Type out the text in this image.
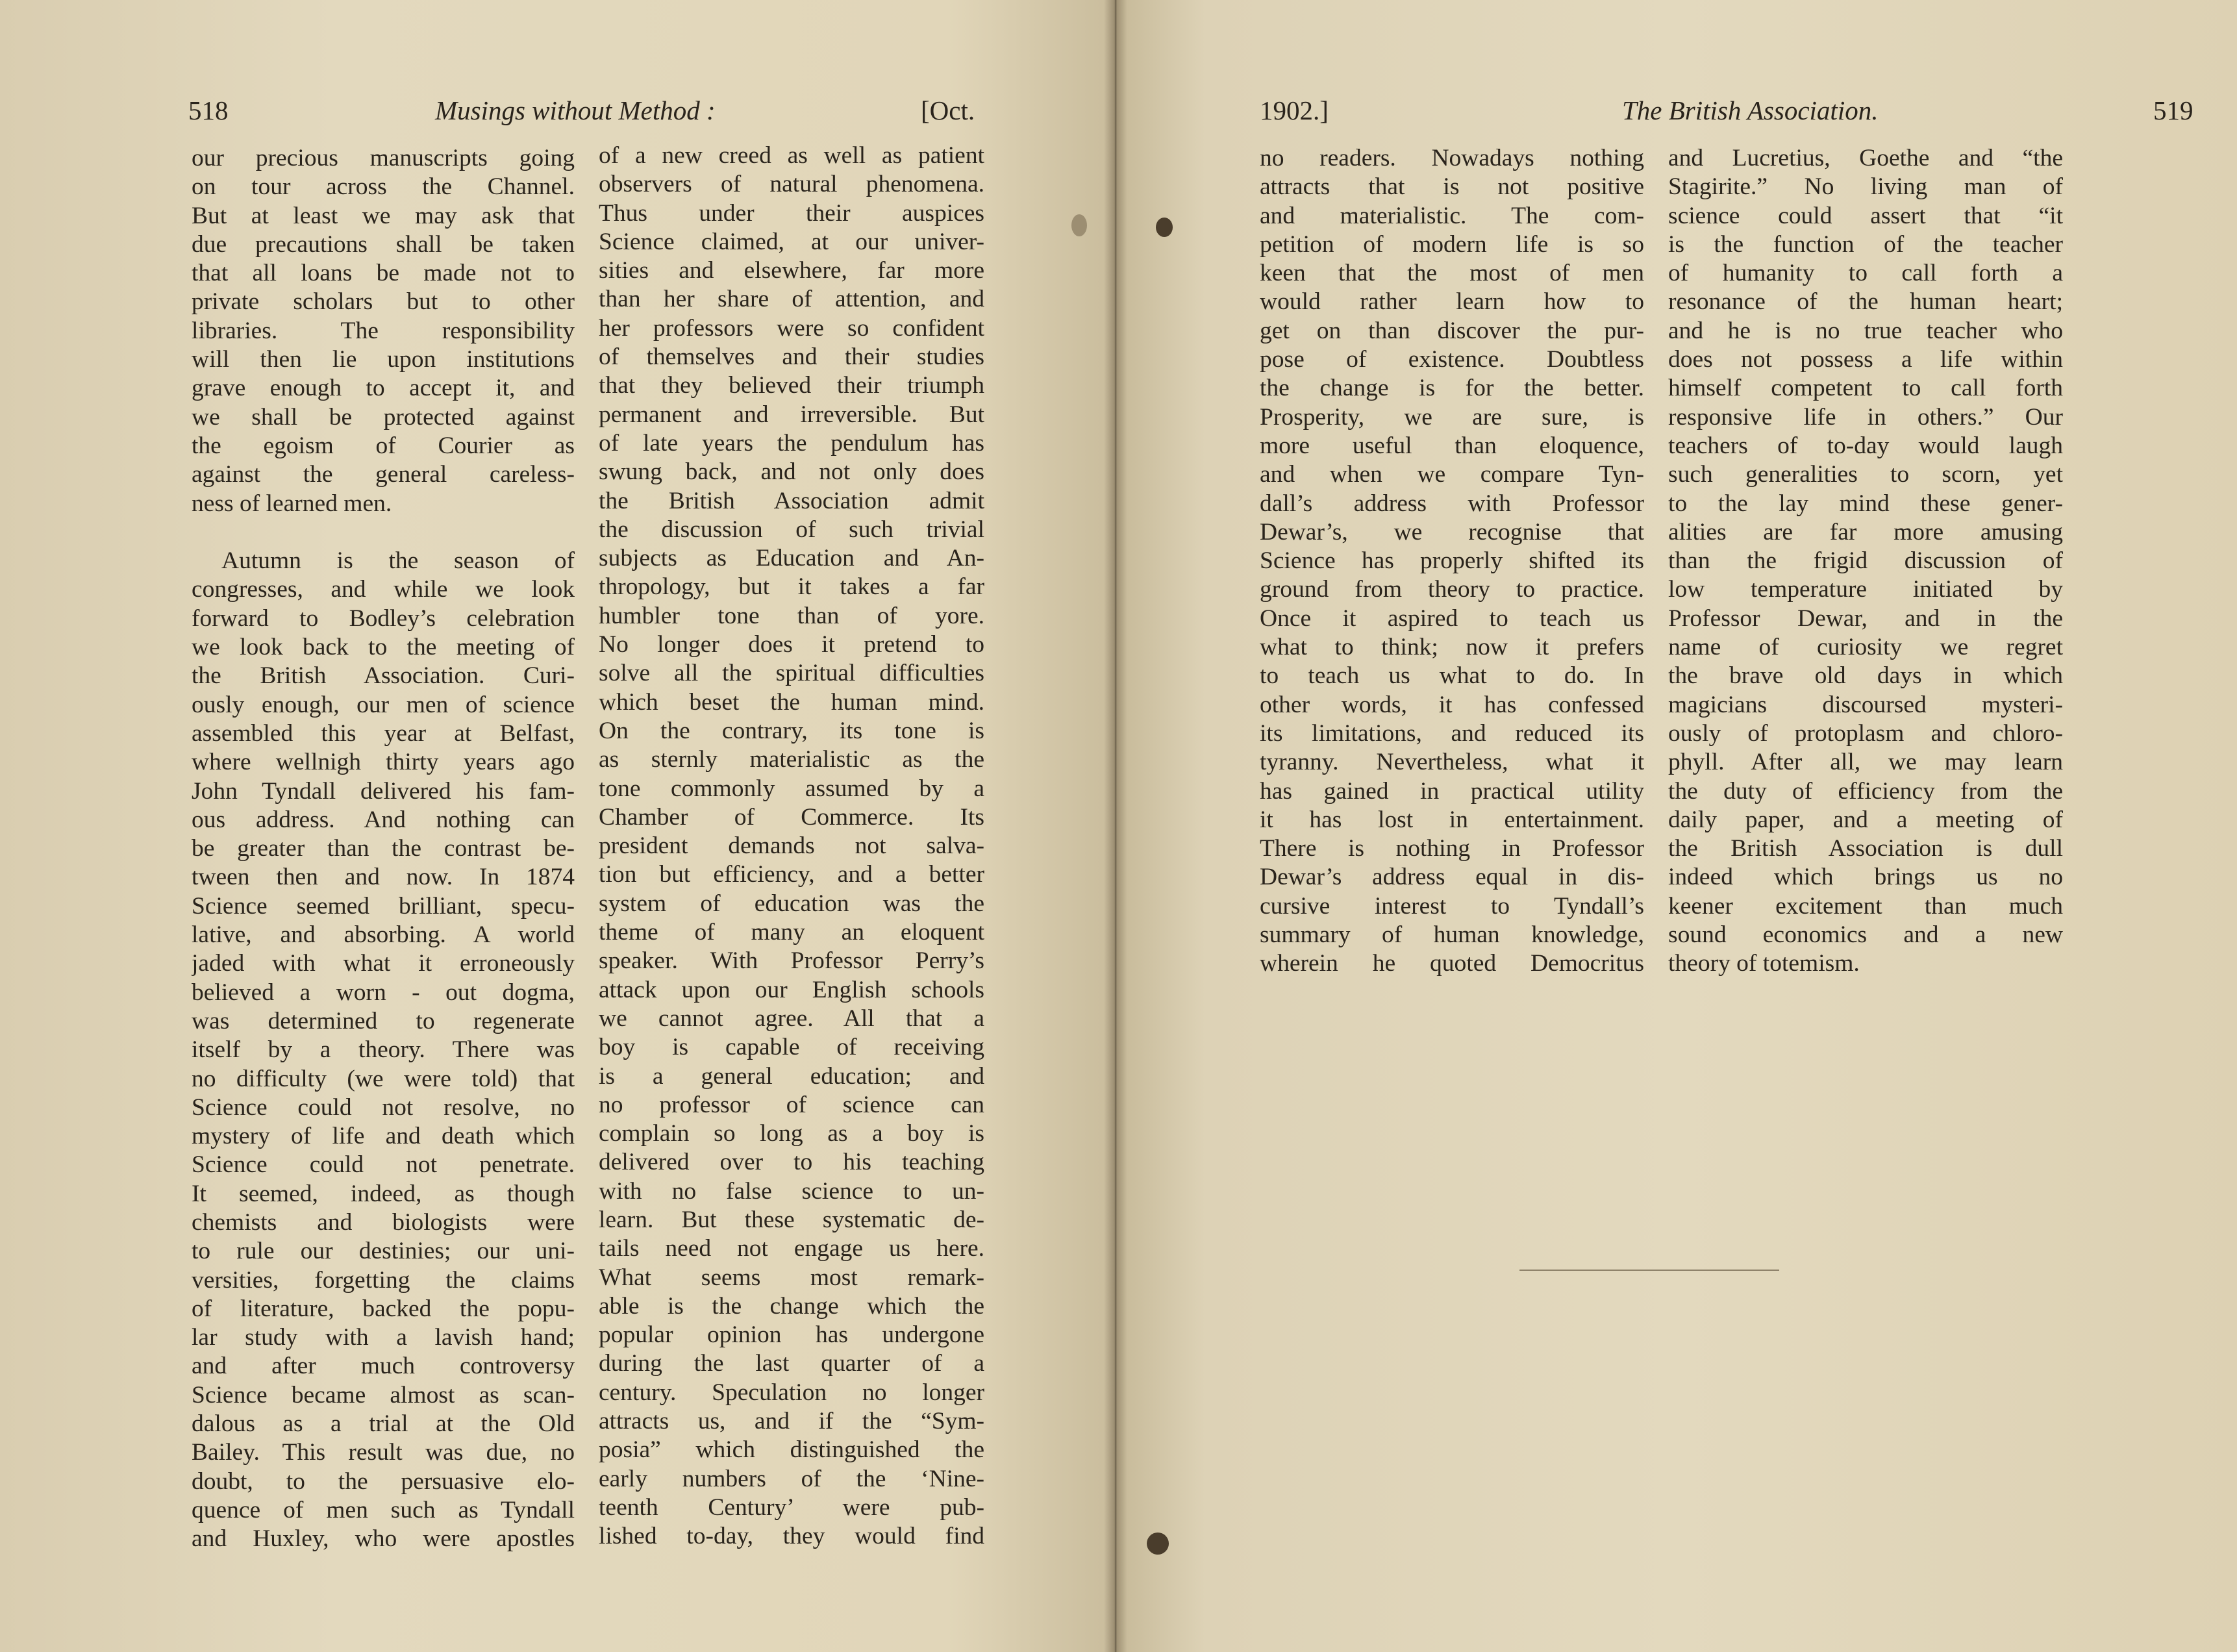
518	Musings without Method :	[Oct.
our precious manuscripts going
on tour across the Channel.
But at least we may ask that
due precautions shall be taken
that all loans be made not to
private scholars but to other
libraries. The responsibility
will then lie upon institutions
grave enough to accept it, and
we shall be protected against
the egoism of Courier as
against the general careless-
ness of learned men.
Autumn is the season of
congresses, and while we look
forward to Bodley’s celebration
we look back to the meeting of
the British Association. Curi-
ously enough, our men of science
assembled this year at Belfast,
where wellnigh thirty years ago
John Tyndall delivered his fam-
ous address. And nothing can
be greater than the contrast be-
tween then and now. In 1874
Science seemed brilliant, specu-
lative, and absorbing. A world
jaded with what it erroneously
believed a worn - out dogma,
was determined to regenerate
itself by a theory. There was
no difficulty (we were told) that
Science could not resolve, no
mystery of life and death which
Science could not penetrate.
It seemed, indeed, as though
chemists and biologists were
to rule our destinies; our uni-
versities, forgetting the claims
of literature, backed the popu-
lar study with a lavish hand;
and after much controversy
Science became almost as scan-
dalous as a trial at the Old
Bailey. This result was due, no
doubt, to the persuasive elo-
quence of men such as Tyndall
and Huxley, who were apostles
of a new creed as well as patient
observers of natural phenomena.
Thus under their auspices
Science claimed, at our univer-
sities and elsewhere, far more
than her share of attention, and
her professors were so confident
of themselves and their studies
that they believed their triumph
permanent and irreversible. But
of late years the pendulum has
swung back, and not only does
the British Association admit
the discussion of such trivial
subjects as Education and An-
thropology, but it takes a far
humbler tone than of yore.
No longer does it pretend to
solve all the spiritual difficulties
which beset the human mind.
On the contrary, its tone is
as sternly materialistic as the
tone commonly assumed by a
Chamber of Commerce. Its
president demands not salva-
tion but efficiency, and a better
system of education was the
theme of many an eloquent
speaker. With Professor Perry’s
attack upon our English schools
we cannot agree. All that a
boy is capable of receiving
is a general education; and
no professor of science can
complain so long as a boy is
delivered over to his teaching
with no false science to un-
learn. But these systematic de-
tails need not engage us here.
What seems most remark-
able is the change which the
popular opinion has undergone
during the last quarter of a
century. Speculation no longer
attracts us, and if the “Sym-
posia” which distinguished the
early numbers of the ‘Nine-
teenth Century’ were pub-
lished to-day, they would find
1902.]	The British Association.	519
no readers. Nowadays nothing
attracts that is not positive
and materialistic. The com-
petition of modern life is so
keen that the most of men
would rather learn how to
get on than discover the pur-
pose of existence. Doubtless
the change is for the better.
Prosperity, we are sure, is
more useful than eloquence,
and when we compare Tyn-
dall’s address with Professor
Dewar’s, we recognise that
Science has properly shifted its
ground from theory to practice.
Once it aspired to teach us
what to think; now it prefers
to teach us what to do. In
other words, it has confessed
its limitations, and reduced its
tyranny. Nevertheless, what it
has gained in practical utility
it has lost in entertainment.
There is nothing in Professor
Dewar’s address equal in dis-
cursive interest to Tyndall’s
summary of human knowledge,
wherein he quoted Democritus
and Lucretius, Goethe and “the
Stagirite.” No living man of
science could assert that “it
is the function of the teacher
of humanity to call forth a
resonance of the human heart;
and he is no true teacher who
does not possess a life within
himself competent to call forth
responsive life in others.” Our
teachers of to-day would laugh
such generalities to scorn, yet
to the lay mind these gener-
alities are far more amusing
than the frigid discussion of
low temperature initiated by
Professor Dewar, and in the
name of curiosity we regret
the brave old days in which
magicians discoursed mysteri-
ously of protoplasm and chloro-
phyll. After all, we may learn
the duty of efficiency from the
daily paper, and a meeting of
the British Association is dull
indeed which brings us no
keener excitement than much
sound economics and a new
theory of totemism.
